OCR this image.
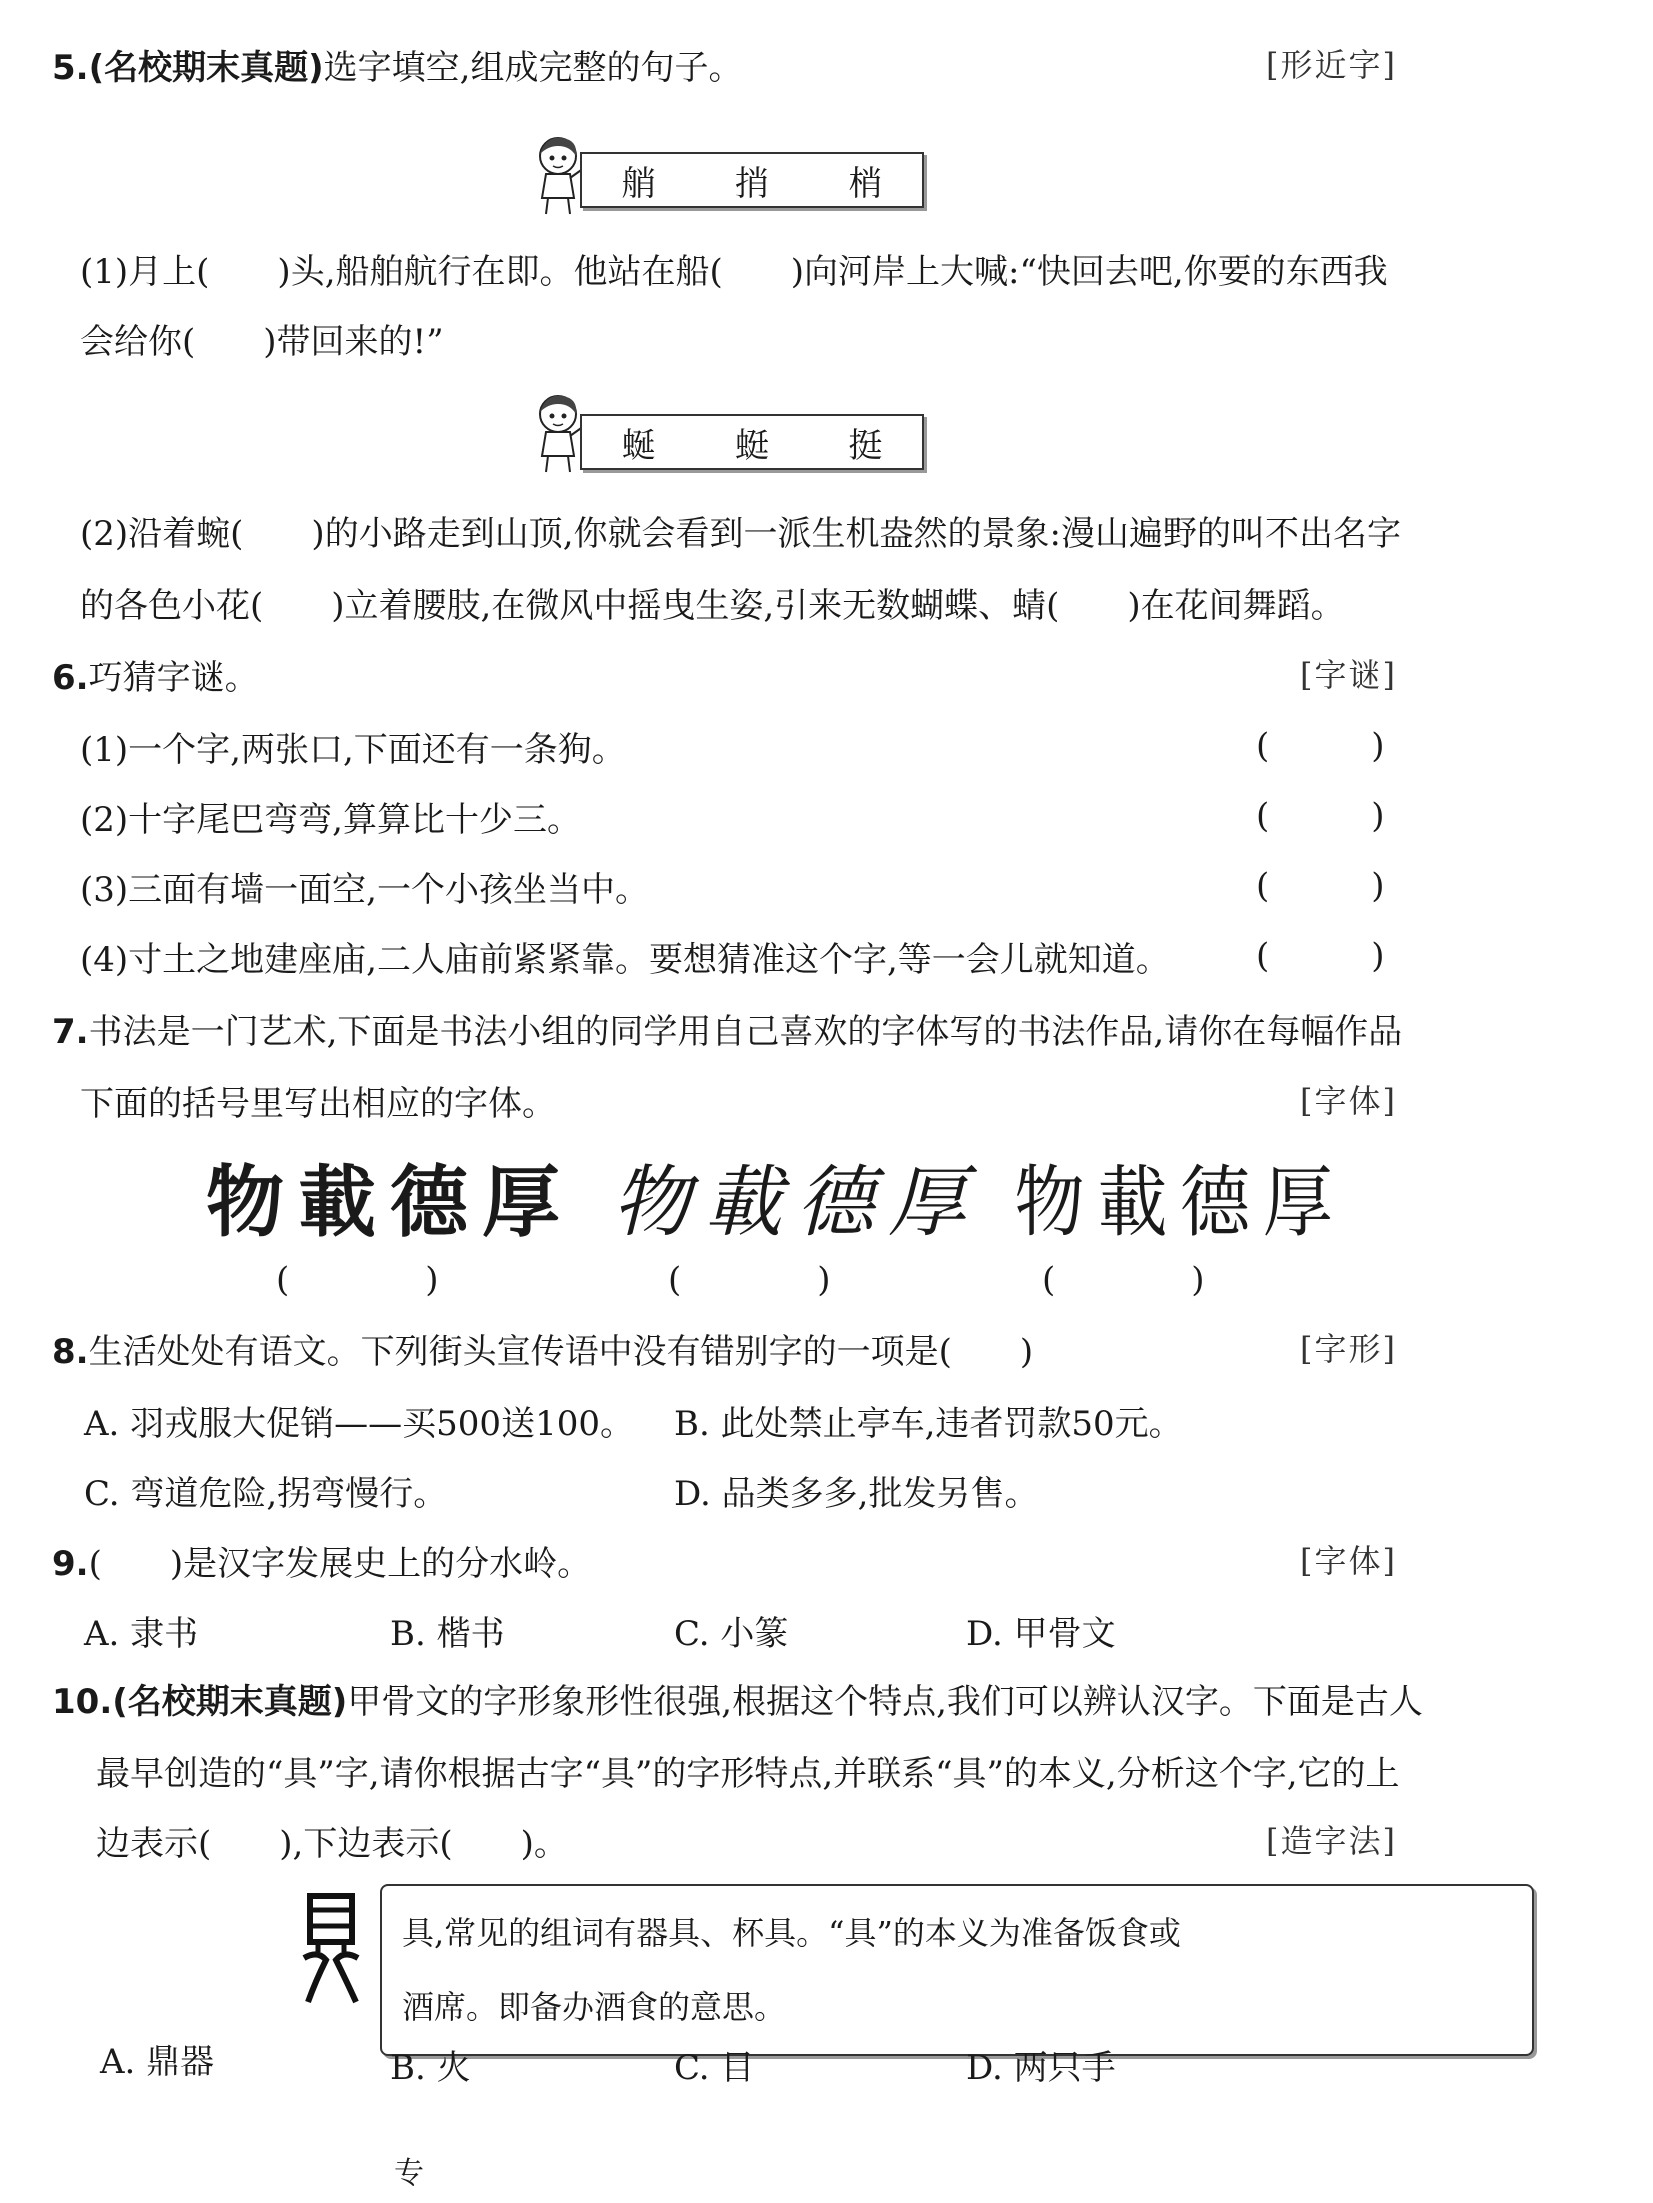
5.(名校期末真题)选字填空,组成完整的句子。	[形近字]
艄 捎 梢
(1)月上(　　)头,船舶航行在即。他站在船(　　)向河岸上大喊:“快回去吧,你要的东西我
会给你(　　)带回来的!”
蜒 蜓 挺
(2)沿着蜿(　　)的小路走到山顶,你就会看到一派生机盎然的景象:漫山遍野的叫不出名字
的各色小花(　　)立着腰肢,在微风中摇曳生姿,引来无数蝴蝶、蜻(　　)在花间舞蹈。
6.巧猜字谜。	[字谜]
(1)一个字,两张口,下面还有一条狗。	(　　　)
(2)十字尾巴弯弯,算算比十少三。	(　　　)
(3)三面有墙一面空,一个小孩坐当中。	(　　　)
(4)寸土之地建座庙,二人庙前紧紧靠。要想猜准这个字,等一会儿就知道。	(　　　)
7.书法是一门艺术,下面是书法小组的同学用自己喜欢的字体写的书法作品,请你在每幅作品
下面的括号里写出相应的字体。	[字体]
物載德厚 物載德厚 物載德厚
(　　　　)	(　　　　)	(　　　　)
8.生活处处有语文。下列街头宣传语中没有错别字的一项是(　　)	[字形]
A. 羽戎服大促销——买500送100。 B. 此处禁止亭车,违者罚款50元。
C. 弯道危险,拐弯慢行。	D. 品类多多,批发另售。
9.(　　)是汉字发展史上的分水岭。	[字体]
A. 隶书	B. 楷书	C. 小篆	D. 甲骨文
10.(名校期末真题)甲骨文的字形象形性很强,根据这个特点,我们可以辨认汉字。下面是古人
最早创造的“具”字,请你根据古字“具”的字形特点,并联系“具”的本义,分析这个字,它的上
边表示(　　),下边表示(　　)。	[造字法]
具,常见的组词有器具、杯具。“具”的本义为准备饭食或
酒席。即备办酒食的意思。
A. 鼎器	B. 火	C. 目	D. 两只手
专
